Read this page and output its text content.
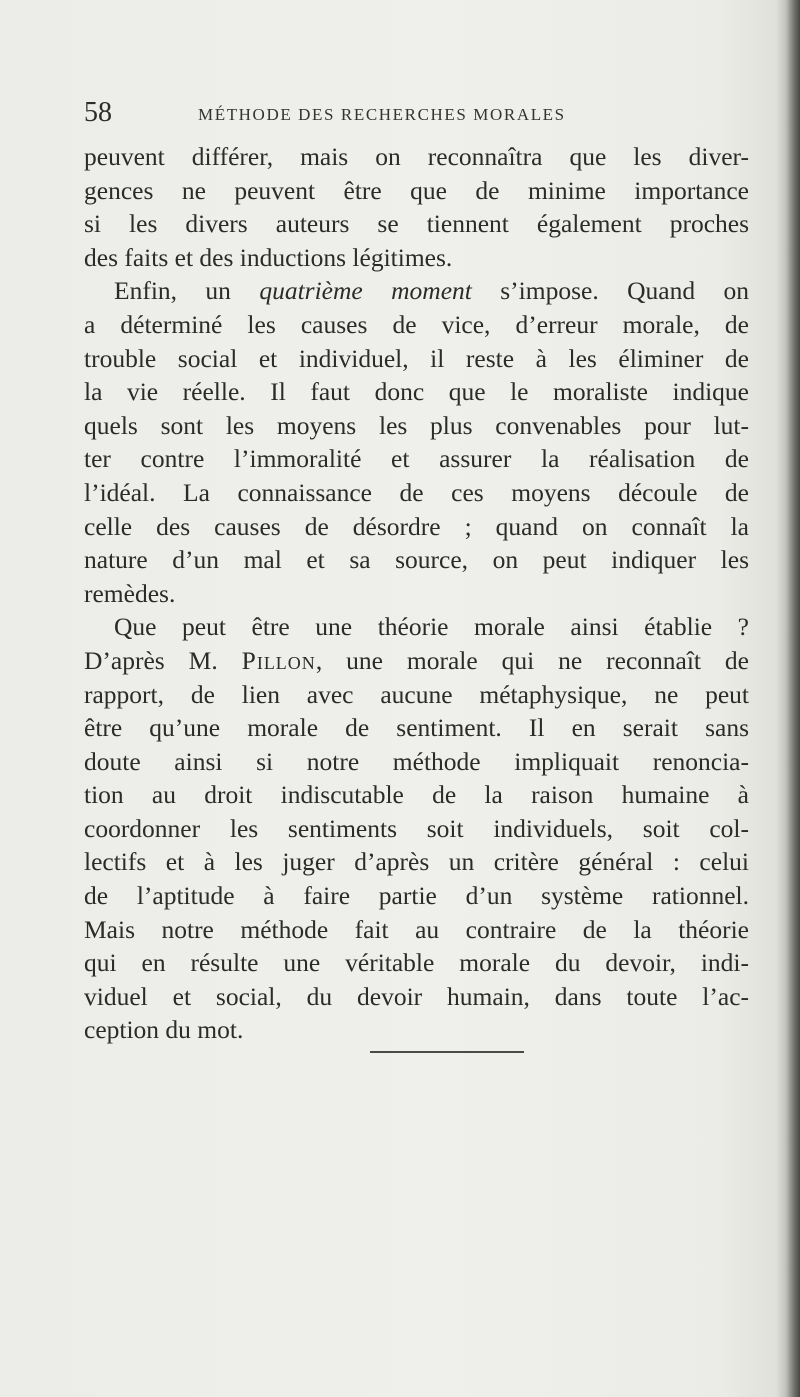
58	MÉTHODE DES RECHERCHES MORALES
peuvent différer, mais on reconnaîtra que les diver-
gences ne peuvent être que de minime importance
si les divers auteurs se tiennent également proches
des faits et des inductions légitimes.
Enfin, un quatrième moment s’impose. Quand on
a déterminé les causes de vice, d’erreur morale, de
trouble social et individuel, il reste à les éliminer de
la vie réelle. Il faut donc que le moraliste indique
quels sont les moyens les plus convenables pour lut-
ter contre l’immoralité et assurer la réalisation de
l’idéal. La connaissance de ces moyens découle de
celle des causes de désordre ; quand on connaît la
nature d’un mal et sa source, on peut indiquer les
remèdes.
Que peut être une théorie morale ainsi établie ?
D’après M. Pillon, une morale qui ne reconnaît de
rapport, de lien avec aucune métaphysique, ne peut
être qu’une morale de sentiment. Il en serait sans
doute ainsi si notre méthode impliquait renoncia-
tion au droit indiscutable de la raison humaine à
coordonner les sentiments soit individuels, soit col-
lectifs et à les juger d’après un critère général : celui
de l’aptitude à faire partie d’un système rationnel.
Mais notre méthode fait au contraire de la théorie
qui en résulte une véritable morale du devoir, indi-
viduel et social, du devoir humain, dans toute l’ac-
ception du mot.
